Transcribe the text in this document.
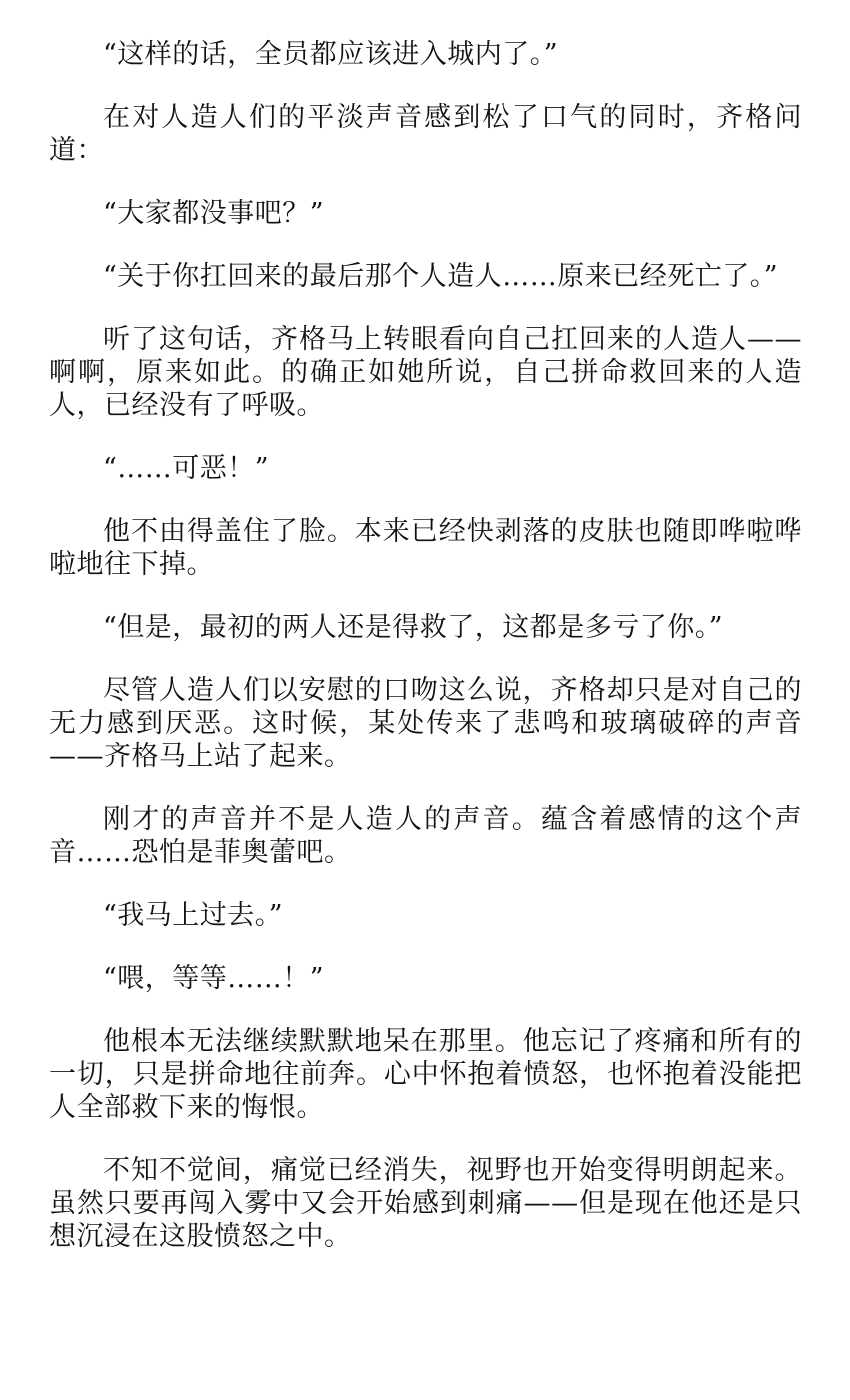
“这样的话，全员都应该进入城内了。”

在对人造人们的平淡声音感到松了口气的同时，齐格问道：

“大家都没事吧？”

“关于你扛回来的最后那个人造人……原来已经死亡了。”

听了这句话，齐格马上转眼看向自己扛回来的人造人——啊啊，原来如此。的确正如她所说，自己拼命救回来的人造人，已经没有了呼吸。

“……可恶！”

他不由得盖住了脸。本来已经快剥落的皮肤也随即哗啦哗啦地往下掉。

“但是，最初的两人还是得救了，这都是多亏了你。”

尽管人造人们以安慰的口吻这么说，齐格却只是对自己的无力感到厌恶。这时候，某处传来了悲鸣和玻璃破碎的声音——齐格马上站了起来。

刚才的声音并不是人造人的声音。蕴含着感情的这个声音……恐怕是菲奥蕾吧。

“我马上过去。”

“喂，等等……！”

他根本无法继续默默地呆在那里。他忘记了疼痛和所有的一切，只是拼命地往前奔。心中怀抱着愤怒，也怀抱着没能把人全部救下来的悔恨。

不知不觉间，痛觉已经消失，视野也开始变得明朗起来。虽然只要再闯入雾中又会开始感到刺痛——但是现在他还是只想沉浸在这股愤怒之中。
